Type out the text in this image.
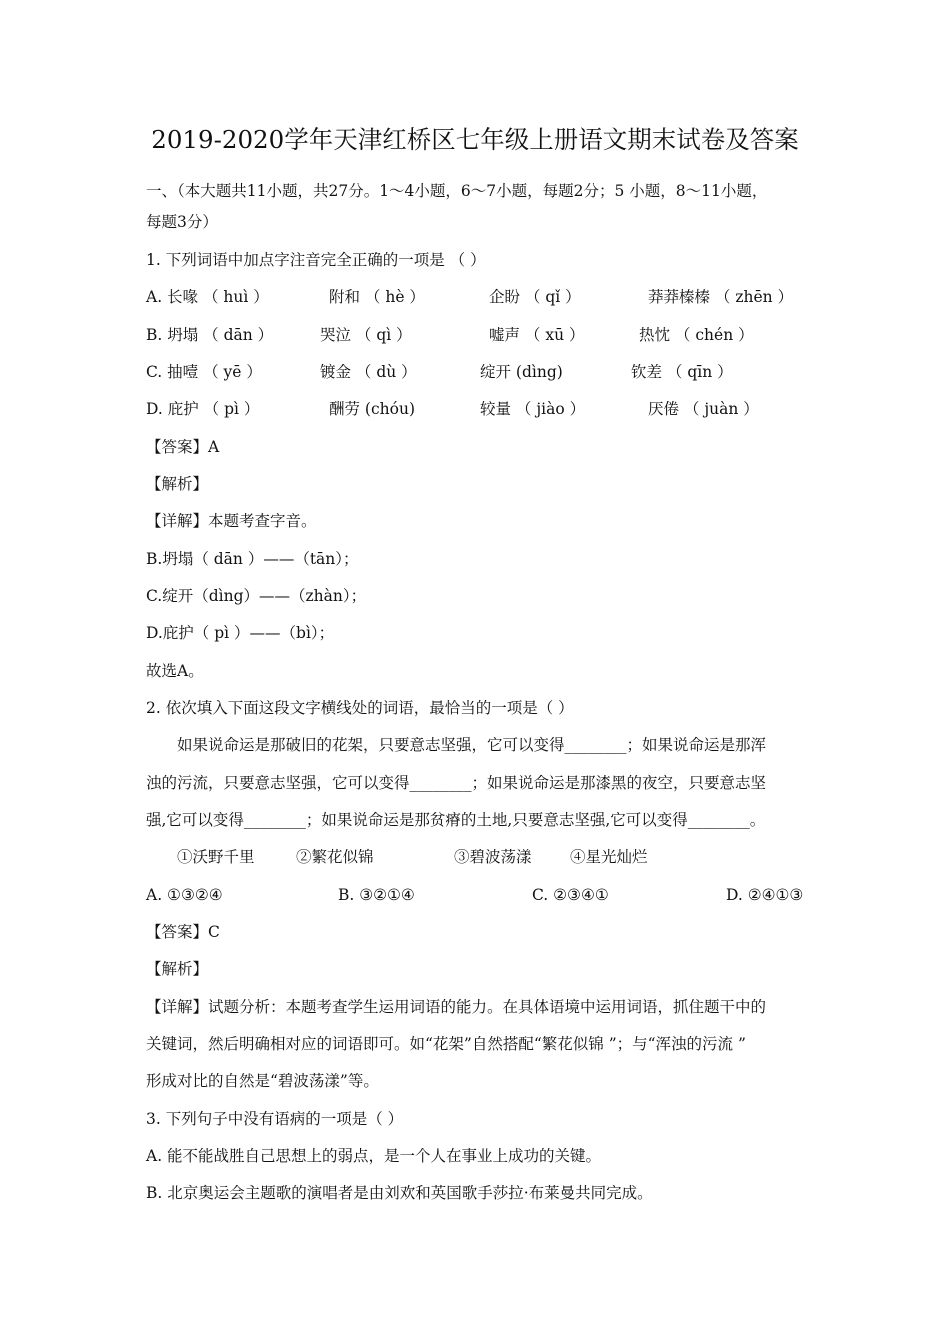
2019-2020学年天津红桥区七年级上册语文期末试卷及答案
一、（本大题共11小题，共27分。1～4小题，6～7小题，每题2分；5 小题，8～11小题，
每题3分）
1. 下列词语中加点字注音完全正确的一项是 （ ）
A. 长喙 （ huì ）	附和 （ hè ）	企盼 （ qǐ ）	莽莽榛榛 （ zhēn ）
B. 坍塌 （ dān ）	哭泣 （ qì ）	嘘声 （ xū ）	热忱 （ chén ）
C. 抽噎 （ yē ）	镀金 （ dù ）	绽开 (dìng)	钦差 （ qīn ）
D. 庇护 （ pì ）	酬劳 (chóu)	较量 （ jiào ）	厌倦 （ juàn ）
【答案】A
【解析】
【详解】本题考查字音。
B.坍塌（ dān ）——（tān）；
C.绽开（dìng）——（zhàn）；
D.庇护（ pì ）——（bì）；
故选A。
2. 依次填入下面这段文字横线处的词语，最恰当的一项是（ ）
如果说命运是那破旧的花架，只要意志坚强，它可以变得________；如果说命运是那浑
浊的污流，只要意志坚强，它可以变得________；如果说命运是那漆黑的夜空，只要意志坚
强,它可以变得________；如果说命运是那贫瘠的土地,只要意志坚强,它可以变得________。
①沃野千里	②繁花似锦	③碧波荡漾 ④星光灿烂
A. ①③②④	B. ③②①④	C. ②③④①	D. ②④①③
【答案】C
【解析】
【详解】试题分析：本题考查学生运用词语的能力。在具体语境中运用词语，抓住题干中的
关键词，然后明确相对应的词语即可。如“花架”自然搭配“繁花似锦 ”；与“浑浊的污流 ”
形成对比的自然是“碧波荡漾”等。
3. 下列句子中没有语病的一项是（ ）
A. 能不能战胜自己思想上的弱点，是一个人在事业上成功的关键。
B. 北京奥运会主题歌的演唱者是由刘欢和英国歌手莎拉·布莱曼共同完成。
